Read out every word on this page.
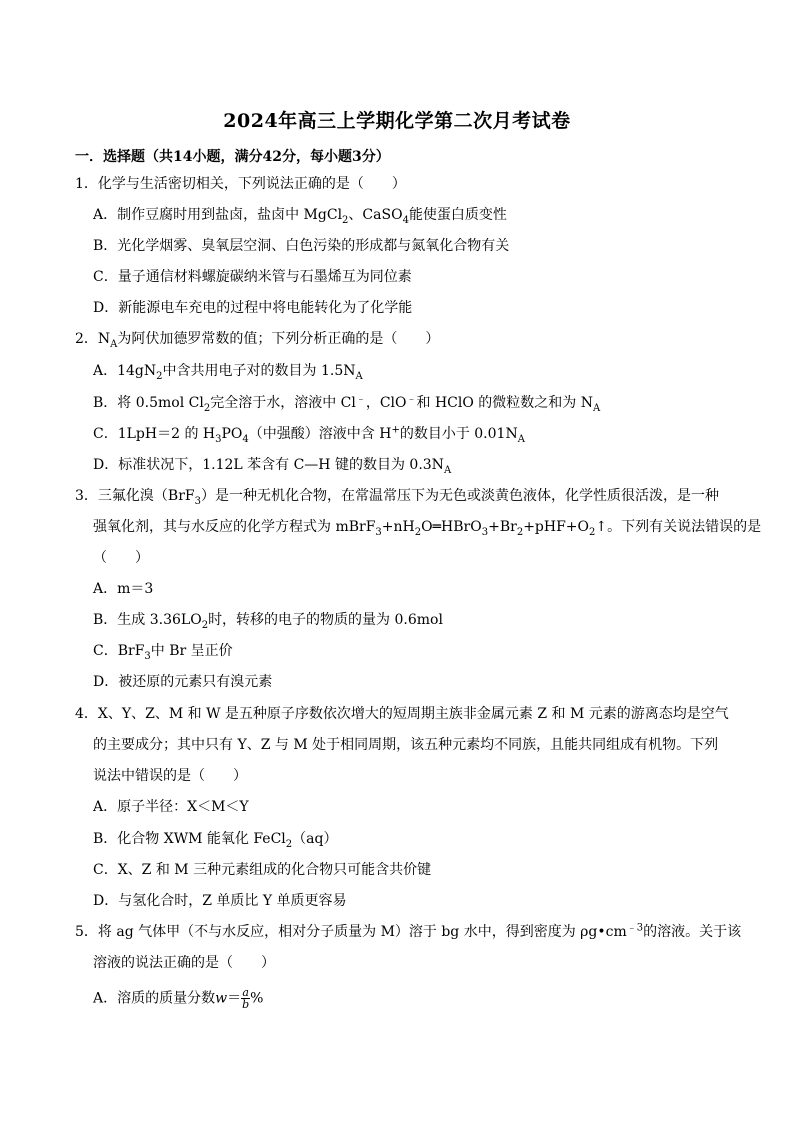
2024年高三上学期化学第二次月考试卷
一．选择题（共14小题，满分42分，每小题3分）
1．化学与生活密切相关，下列说法正确的是（　　）
A．制作豆腐时用到盐卤，盐卤中 MgCl$_2$、CaSO$_4$能使蛋白质变性
B．光化学烟雾、臭氧层空洞、白色污染的形成都与氮氧化合物有关
C．量子通信材料螺旋碳纳米管与石墨烯互为同位素
D．新能源电车充电的过程中将电能转化为了化学能
2．$N_A$为阿伏加德罗常数的值；下列分析正确的是（　　）
A．$14gN_2$中含共用电子对的数目为 $1.5N_A$
B．将 0.5mol $Cl_2$完全溶于水，溶液中 Cl﹣，ClO﹣和 HClO 的微粒数之和为 $N_A$
C．1LpH＝2 的 $H_3PO_4$（中强酸）溶液中含 H+的数目小于 $0.01N_A$
D．标准状况下，1.12L 苯含有 C—H 键的数目为 $0.3N_A$
3．三氟化溴（BrF$_3$）是一种无机化合物，在常温常压下为无色或淡黄色液体，化学性质很活泼，是一种
强氧化剂，其与水反应的化学方程式为 $mBrF_3+nH_2O═HBrO_3+Br_2+pHF+O_2↑$。下列有关说法错误的是
（　　）
A．m＝3
B．生成 $3.36LO_2$时，转移的电子的物质的量为 0.6mol
C．BrF$_3$中 Br 呈正价
D．被还原的元素只有溴元素
4．X、Y、Z、M 和 W 是五种原子序数依次增大的短周期主族非金属元素 Z 和 M 元素的游离态均是空气
的主要成分；其中只有 Y、Z 与 M 处于相同周期，该五种元素均不同族，且能共同组成有机物。下列
说法中错误的是（　　）
A．原子半径：X＜M＜Y
B．化合物 XWM 能氧化 FeCl$_2$（aq）
C．X、Z 和 M 三种元素组成的化合物只可能含共价键
D．与氢化合时，Z 单质比 Y 单质更容易
5．将 ag 气体甲（不与水反应，相对分子质量为 M）溶于 bg 水中，得到密度为 $\rho g•cm^{﹣3}$的溶液。关于该
溶液的说法正确的是（　　）
A．溶质的质量分数$w= \frac{a}{b}$ %
